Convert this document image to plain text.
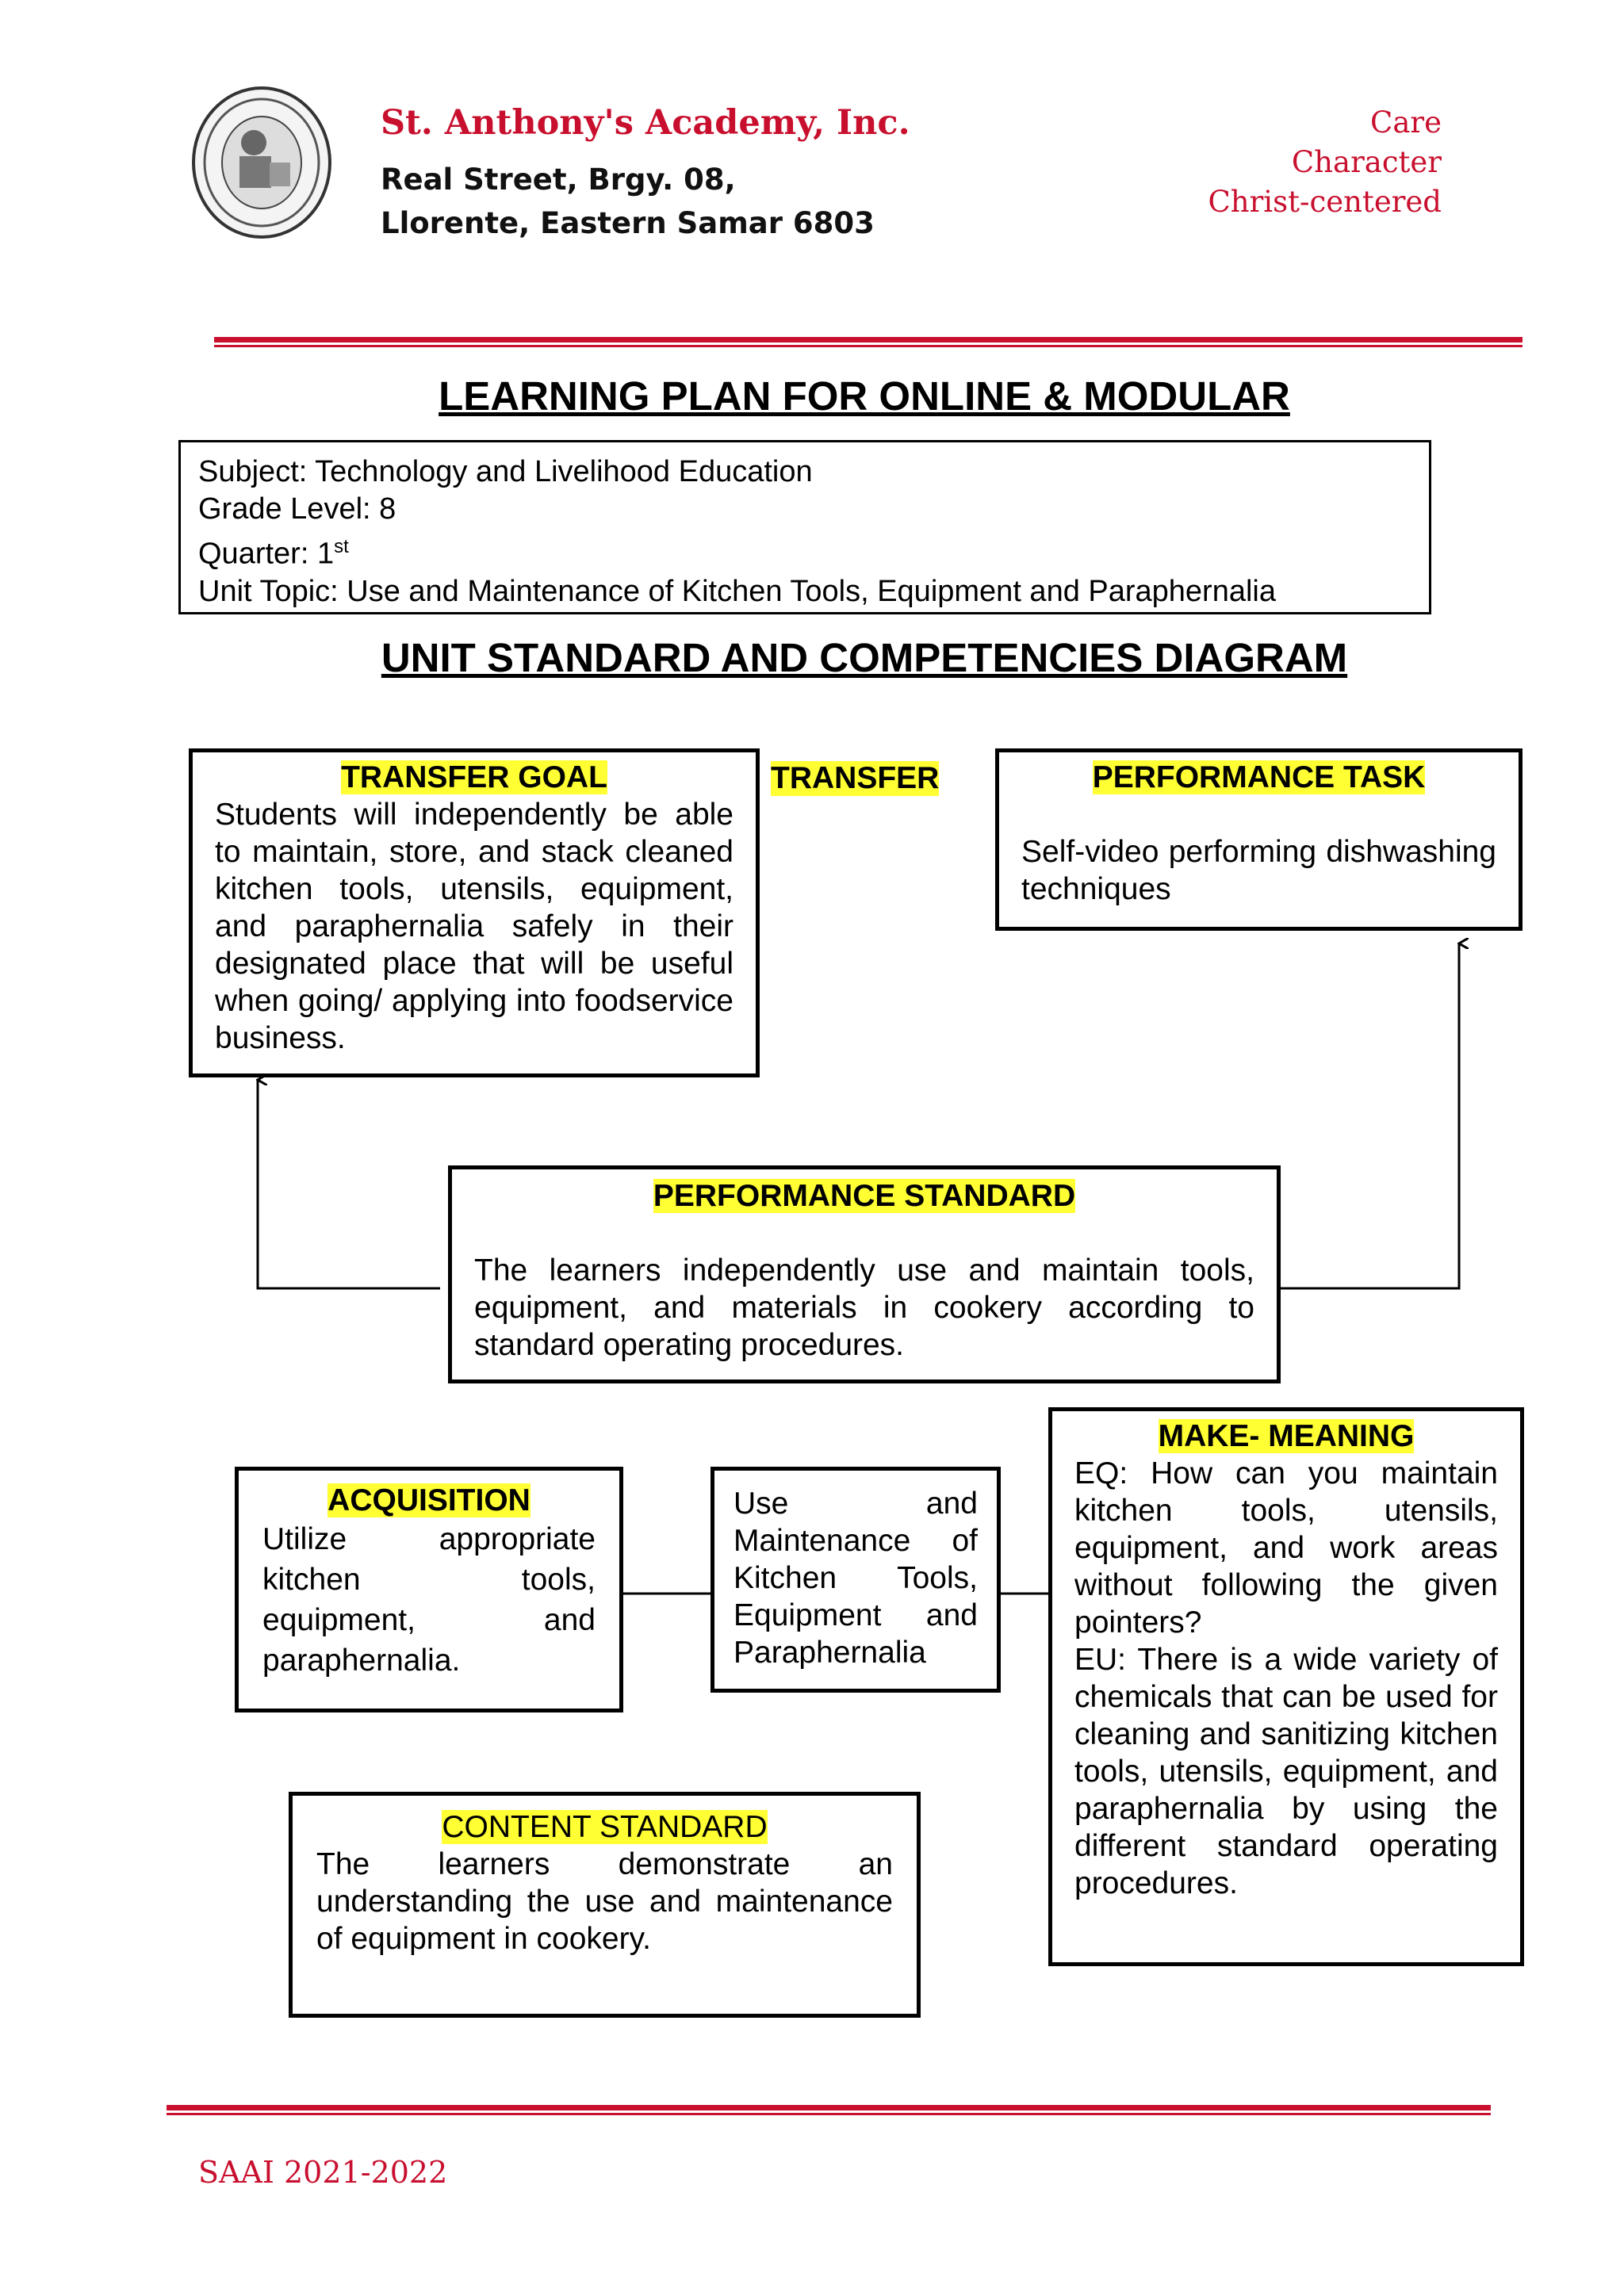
St. Anthony's Academy, Inc.
Real Street, Brgy. 08,
Llorente, Eastern Samar 6803
Care
Character
Christ-centered
LEARNING PLAN FOR ONLINE & MODULAR
Subject: Technology and Livelihood Education
Grade Level: 8
Quarter: 1st
Unit Topic: Use and Maintenance of Kitchen Tools, Equipment and Paraphernalia
UNIT STANDARD AND COMPETENCIES DIAGRAM
TRANSFER GOAL
Students will independently be able to maintain, store, and stack cleaned kitchen tools, utensils, equipment, and paraphernalia safely in their designated place that will be useful when going/ applying into foodservice business.
TRANSFER	PERFORMANCE TASK
Self-video performing dishwashing techniques
PERFORMANCE STANDARD
The learners independently use and maintain tools, equipment, and materials in cookery according to standard operating procedures.
ACQUISITION
Utilize appropriate kitchen tools, equipment, and paraphernalia.
Use and Maintenance of Kitchen Tools, Equipment and Paraphernalia
MAKE- MEANING
EQ: How can you maintain kitchen tools, utensils, equipment, and work areas without following the given pointers?
EU: There is a wide variety of chemicals that can be used for cleaning and sanitizing kitchen tools, utensils, equipment, and paraphernalia by using the different standard operating procedures.
CONTENT STANDARD
The learners demonstrate an understanding the use and maintenance of equipment in cookery.
SAAI 2021-2022
